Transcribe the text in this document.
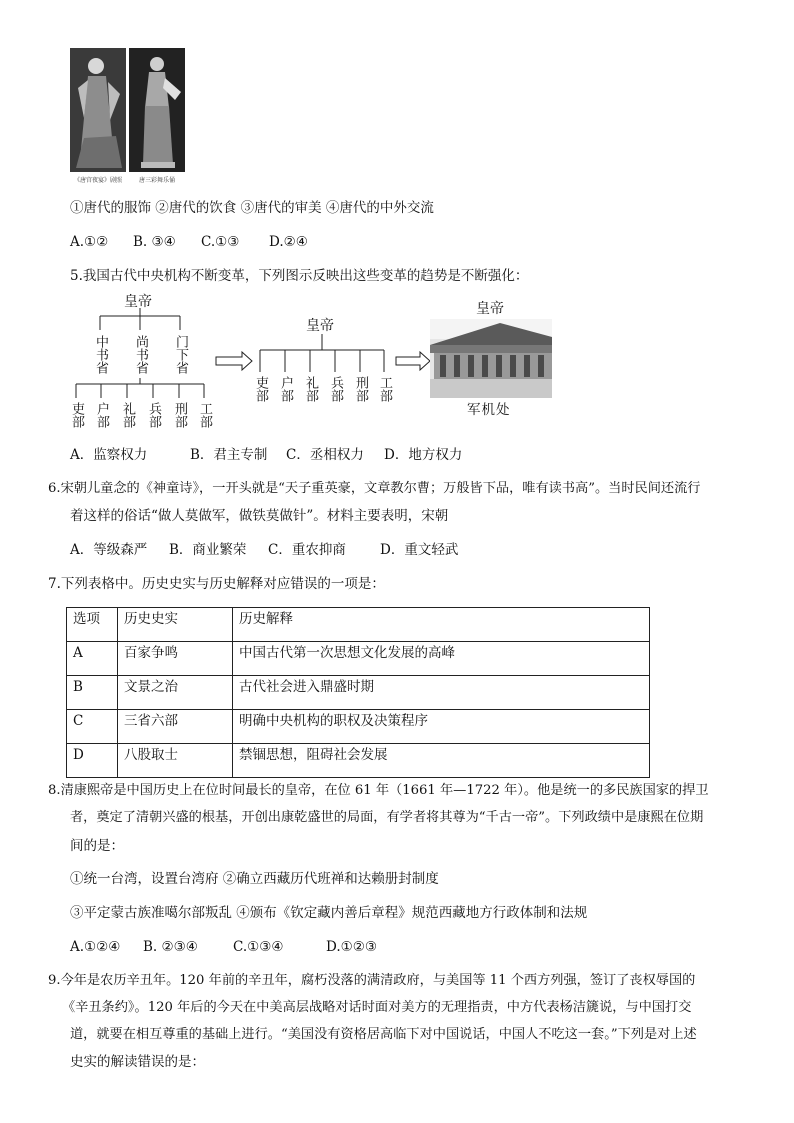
《唐宫夜宴》剧照	唐三彩舞乐俑
①唐代的服饰 ②唐代的饮食 ③唐代的审美 ④唐代的中外交流
A.①② B. ③④ C.①③ D.②④
5.我国古代中央机构不断变革，下列图示反映出这些变革的趋势是不断强化：
皇帝
中书省 尚书省 门下省
吏部 户部 礼部 兵部 刑部 工部
皇帝
吏部 户部 礼部 兵部 刑部 工部
皇帝
军机处
A．监察权力	B．君主专制 C．丞相权力 D．地方权力
6.宋朝儿童念的《神童诗》，一开头就是“天子重英豪，文章教尔曹；万般皆下品，唯有读书高”。当时民间还流行
着这样的俗话“做人莫做军，做铁莫做针”。材料主要表明，宋朝
A．等级森严 B．商业繁荣 C．重农抑商	D．重文轻武
7.下列表格中。历史史实与历史解释对应错误的一项是：
选项	历史史实	历史解释
A	百家争鸣	中国古代第一次思想文化发展的高峰
B	文景之治	古代社会进入鼎盛时期
C	三省六部	明确中央机构的职权及决策程序
D	八股取士	禁锢思想，阻碍社会发展
8.清康熙帝是中国历史上在位时间最长的皇帝，在位 61 年（1661 年—1722 年）。他是统一的多民族国家的捍卫
者，奠定了清朝兴盛的根基，开创出康乾盛世的局面，有学者将其尊为“千古一帝”。下列政绩中是康熙在位期
间的是：
①统一台湾，设置台湾府 ②确立西藏历代班禅和达赖册封制度
③平定蒙古族准噶尔部叛乱 ④颁布《钦定藏内善后章程》规范西藏地方行政体制和法规
A.①②④ B. ②③④	C.①③④	D.①②③
9.今年是农历辛丑年。120 年前的辛丑年，腐朽没落的满清政府，与美国等 11 个西方列强，签订了丧权辱国的
《辛丑条约》。120 年后的今天在中美高层战略对话时面对美方的无理指责，中方代表杨洁篪说，与中国打交
道，就要在相互尊重的基础上进行。“美国没有资格居高临下对中国说话，中国人不吃这一套。”下列是对上述
史实的解读错误的是：
